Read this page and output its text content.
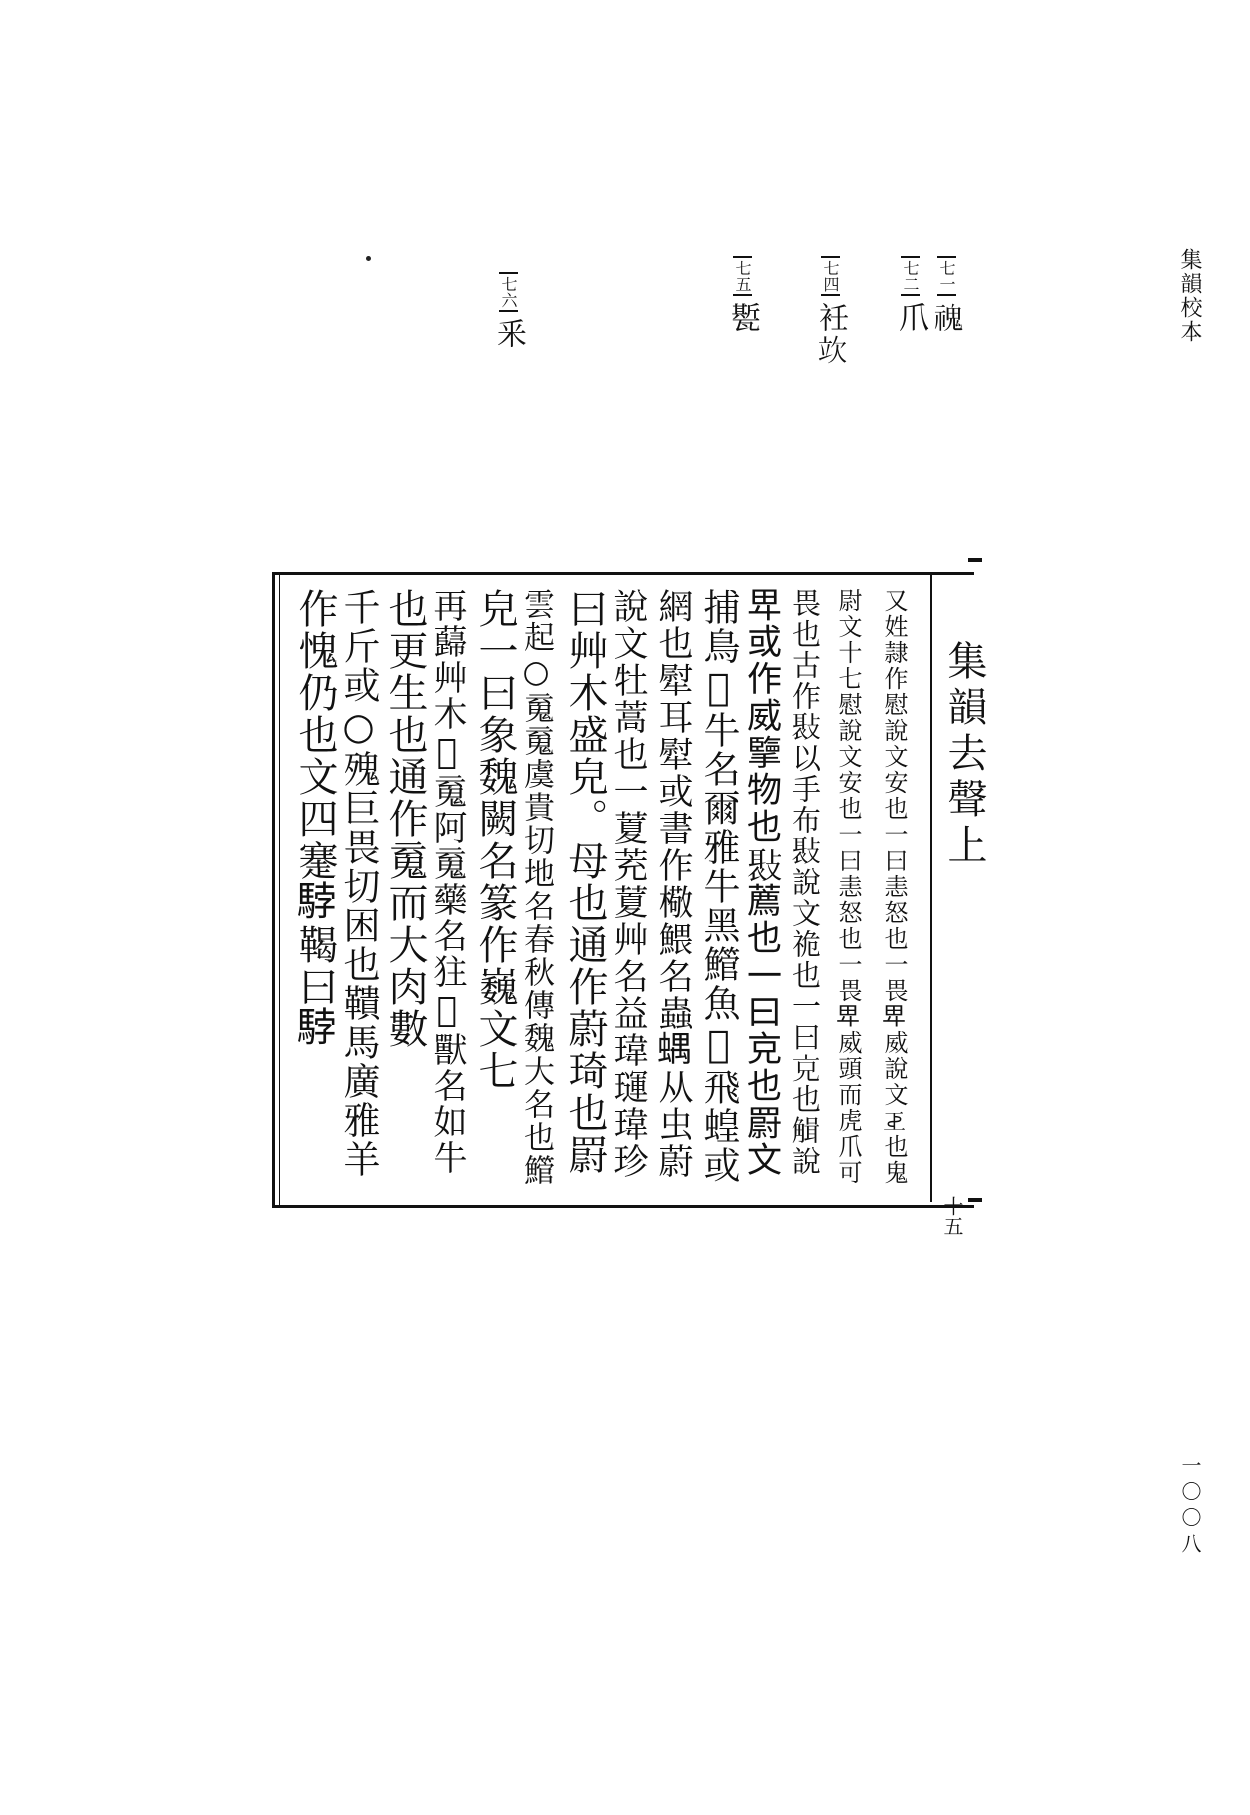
集韻校本
一〇〇八
七一𩲡
七二爪
七四衽𣢦
七五㽄
七六釆
集韻去聲上
十五
又姓隷作慰說文安也一曰恚怒也一畏𤰞威說文𢀓也鬼
尉文十七慰說文安也一曰恚怒也一畏𤰞威頭而虎爪可
畏也古作𢾸以手布𢾸說文祪也一曰𠑽也𧤏說
𤰞或作威擥物也𢾸薦也一曰𠑽也罻文
捕鳥𥶦牛名爾雅牛黑䲘魚𧒈飛蝗或
網也犚耳犚或書作㯳鰃名蟲𧍪从虫蔚
說文牡蒿也一𦷜茺𦷜艸名益瑋璭瑋珍
曰艸木盛皃。母也通作蔚琦也罻
雲起○䰟䰟虞貴切地名春秋傳魏大名也䲘
皃一曰象魏闕名篆作巍文七
再蘬艸木𣕟䰟阿䰟藥名㹥𤢵獸名如牛
也更生也通作䰟而大肉數
千斤或○㱱巨畏切困也鞼馬廣雅羊
作愧仍也文四䞿𩣡鞨曰𩣡
